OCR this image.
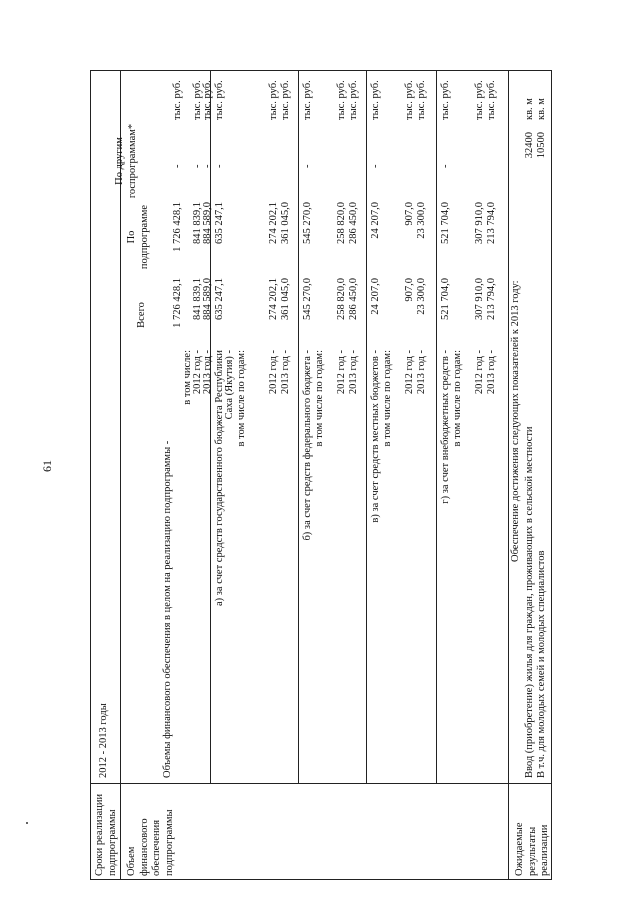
61
Сроки реализации подпрограммы
2012 - 2013 годы
Объем финансового обеспечения подпрограммы	Ожидаемые результаты реализации
Объемы финансового обеспечения в целом на реализацию подпрограммы -
Всего
По подпрограмме
По другим госпрограммам*
1 726 428,1
1 726 428,1
-
тыс. руб.
в том числе: 2012 год -
841 839,1
841 839,1
-
тыс. руб.
2013 год -
884 589,0
884 589,0
-
тыс. руб.
а) за счет средств государственного бюджета Республики
635 247,1
635 247,1
-
тыс. руб.
Саха (Якутия) - в том числе по годам: 2012 год -
274 202,1
274 202,1
тыс. руб.
2013 год -
361 045,0
361 045,0
тыс. руб.
б) за счет средств федерального бюджета -
545 270,0
545 270,0
-
тыс. руб.
в том числе по годам: 2012 год -
258 820,0
258 820,0
тыс. руб.
2013 год -
286 450,0
286 450,0
тыс. руб.
в) за счет средств местных бюджетов -
24 207,0
24 207,0
-
тыс. руб.
в том числе по годам: 2012 год -
907,0
907,0
тыс. руб.
2013 год -
23 300,0
23 300,0
тыс. руб.
г) за счет внебюджетных средств -
521 704,0
521 704,0
-
тыс. руб.
в том числе по годам: 2012 год -
307 910,0
307 910,0
тыс. руб.
2013 год -
213 794,0
213 794,0
тыс. руб.
Обеспечение достижения следующих показателей к 2013 году:
Ввод (приобретение) жилья для граждан, проживающих в сельской местности
32400
кв. м
В т.ч. для молодых семей и молодых специалистов
10500
кв. м
